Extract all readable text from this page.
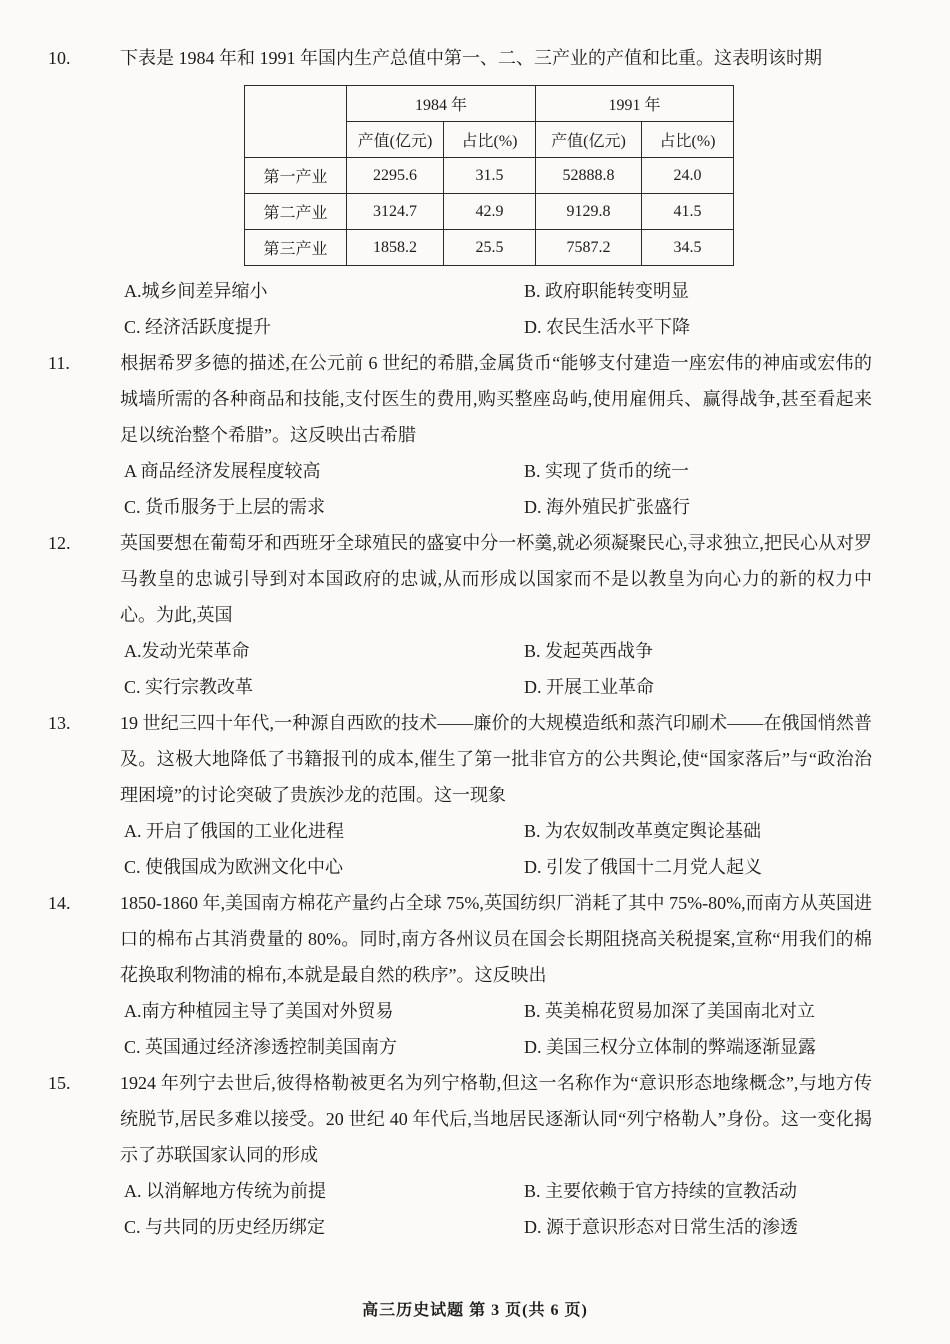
10.	下表是 1984 年和 1991 年国内生产总值中第一、二、三产业的产值和比重。这表明该时期

	1984 年		1991 年	
	产值(亿元)	占比(%)	产值(亿元)	占比(%)
第一产业	2295.6	31.5	52888.8	24.0
第二产业	3124.7	42.9	9129.8	41.5
第三产业	1858.2	25.5	7587.2	34.5
A.城乡间差异缩小	B. 政府职能转变明显
C. 经济活跃度提升	D. 农民生活水平下降

11.	根据希罗多德的描述,在公元前 6 世纪的希腊,金属货币“能够支付建造一座宏伟的神庙或宏伟的城墙所需的各种商品和技能,支付医生的费用,购买整座岛屿,使用雇佣兵、赢得战争,甚至看起来足以统治整个希腊”。这反映出古希腊

A 商品经济发展程度较高	B. 实现了货币的统一
C. 货币服务于上层的需求	D. 海外殖民扩张盛行

12.	英国要想在葡萄牙和西班牙全球殖民的盛宴中分一杯羹,就必须凝聚民心,寻求独立,把民心从对罗马教皇的忠诚引导到对本国政府的忠诚,从而形成以国家而不是以教皇为向心力的新的权力中心。为此,英国

A.发动光荣革命	B. 发起英西战争
C. 实行宗教改革	D. 开展工业革命

13.	19 世纪三四十年代,一种源自西欧的技术——廉价的大规模造纸和蒸汽印刷术——在俄国悄然普及。这极大地降低了书籍报刊的成本,催生了第一批非官方的公共舆论,使“国家落后”与“政治治理困境”的讨论突破了贵族沙龙的范围。这一现象

A. 开启了俄国的工业化进程	B. 为农奴制改革奠定舆论基础
C. 使俄国成为欧洲文化中心	D. 引发了俄国十二月党人起义

14.	1850-1860 年,美国南方棉花产量约占全球 75%,英国纺织厂消耗了其中 75%-80%,而南方从英国进口的棉布占其消费量的 80%。同时,南方各州议员在国会长期阻挠高关税提案,宣称“用我们的棉花换取利物浦的棉布,本就是最自然的秩序”。这反映出

A.南方种植园主导了美国对外贸易	B. 英美棉花贸易加深了美国南北对立
C. 英国通过经济渗透控制美国南方	D. 美国三权分立体制的弊端逐渐显露

15.	1924 年列宁去世后,彼得格勒被更名为列宁格勒,但这一名称作为“意识形态地缘概念”,与地方传统脱节,居民多难以接受。20 世纪 40 年代后,当地居民逐渐认同“列宁格勒人”身份。这一变化揭示了苏联国家认同的形成

A. 以消解地方传统为前提	B. 主要依赖于官方持续的宣教活动
C. 与共同的历史经历绑定	D. 源于意识形态对日常生活的渗透
高三历史试题 第 3 页(共 6 页)
